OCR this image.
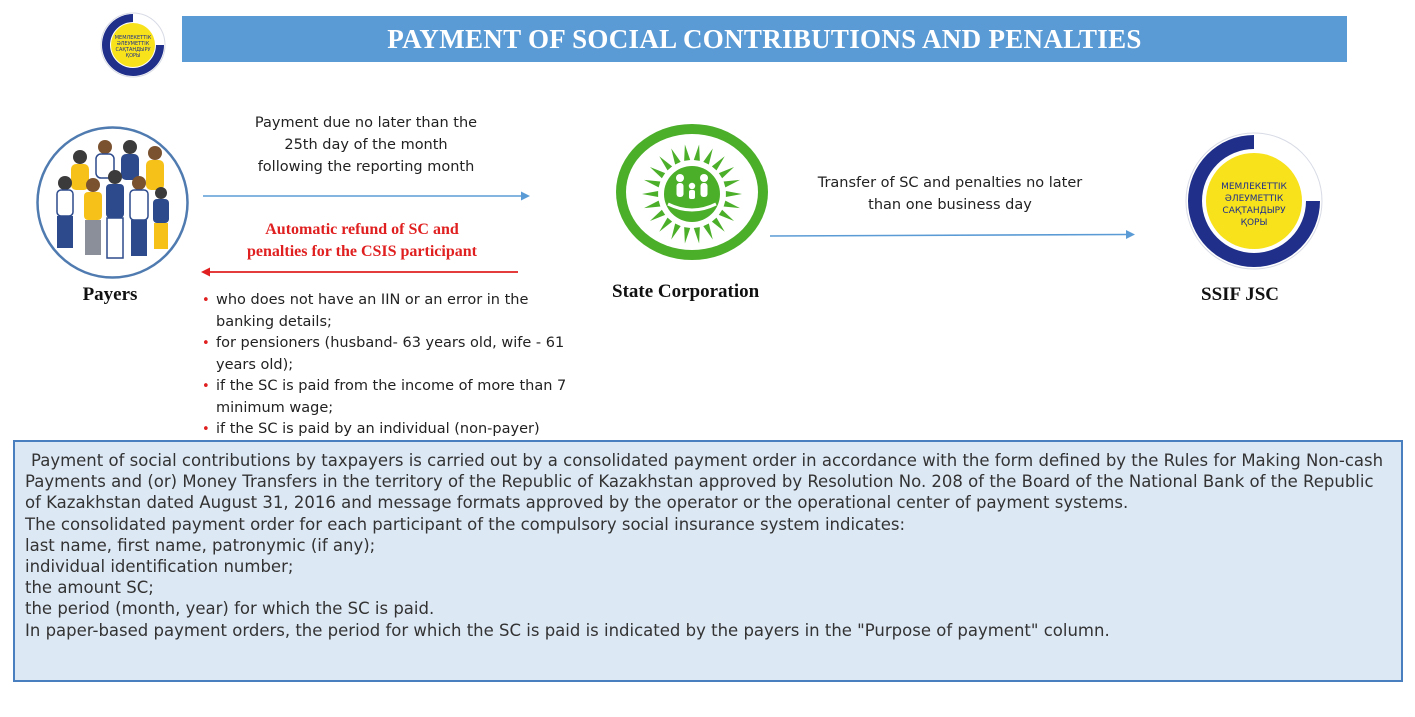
МЕМЛЕКЕТТІК
ӘЛЕУМЕТТІК
САҚТАНДЫРУ
ҚОРЫ
PAYMENT OF SOCIAL CONTRIBUTIONS AND PENALTIES
Payers
Payment due no later than the
25th day of the month
following the reporting month
Automatic refund of SC and
penalties for the CSIS participant
• who does not have an IIN or an error in the
banking details;
• for pensioners (husband- 63 years old, wife - 61
years old);
• if the SC is paid from the income of more than 7
minimum wage;
• if the SC is paid by an individual (non-payer)
State Corporation
Transfer of SC and penalties no later
than one business day
МЕМЛЕКЕТТІК
ӘЛЕУМЕТТІК
САҚТАНДЫРУ
ҚОРЫ
SSIF JSC

Payment of social contributions by taxpayers is carried out by a consolidated payment order in accordance with the form defined by the Rules for Making Non-cash Payments and (or) Money Transfers in the territory of the Republic of Kazakhstan approved by Resolution No. 208 of the Board of the National Bank of the Republic of Kazakhstan dated August 31, 2016 and message formats approved by the operator or the operational center of payment systems.

The consolidated payment order for each participant of the compulsory social insurance system indicates:

last name, first name, patronymic (if any);

individual identification number;

the amount SC;

the period (month, year) for which the SC is paid.

In paper-based payment orders, the period for which the SC is paid is indicated by the payers in the "Purpose of payment" column.
